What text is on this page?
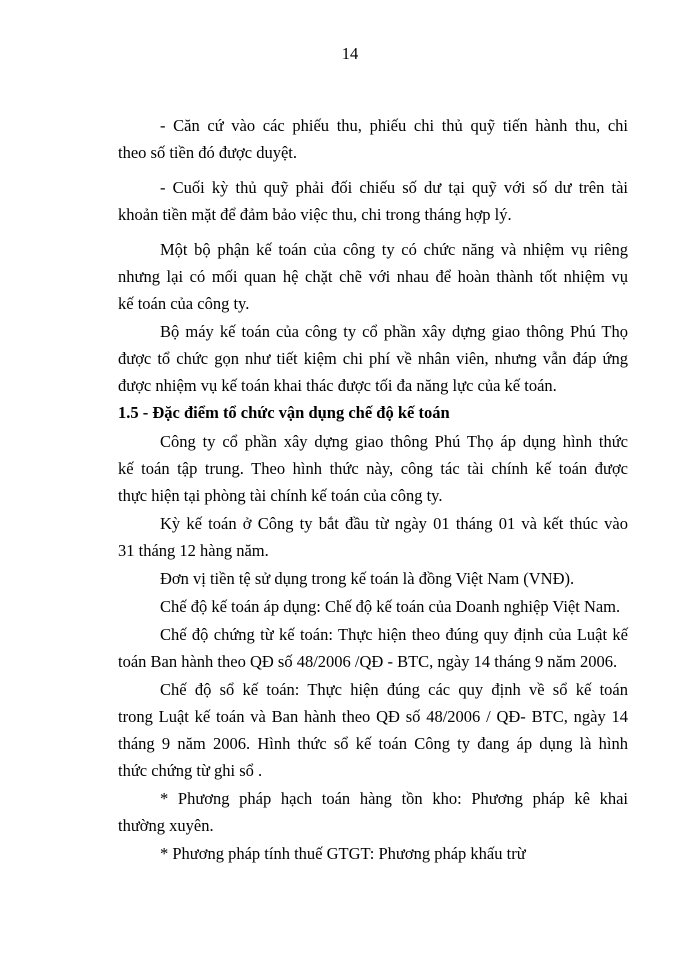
14
- Căn cứ vào các phiếu thu, phiếu chi thủ quỹ tiến hành thu, chi
theo số tiền đó được duyệt.
- Cuối kỳ thủ quỹ phải đối chiếu số dư tại quỹ với số dư trên tài
khoản tiền mặt để đảm bảo việc thu, chi trong tháng hợp lý.
Một bộ phận kế toán của công ty có chức năng và nhiệm vụ riêng
nhưng lại có mối quan hệ chặt chẽ với nhau để hoàn thành tốt nhiệm vụ
kế toán của công ty.
Bộ máy kế toán của công ty cổ phần xây dựng giao thông Phú Thọ
được tổ chức gọn như tiết kiệm chi phí về nhân viên, nhưng vẫn đáp ứng
được nhiệm vụ kế toán khai thác được tối đa năng lực của kế toán.
1.5 - Đặc điểm tổ chức vận dụng chế độ kế toán
Công ty cổ phần xây dựng giao thông Phú Thọ áp dụng hình thức
kế toán tập trung. Theo hình thức này, công tác tài chính kế toán được
thực hiện tại phòng tài chính kế toán của công ty.
Kỳ kế toán ở Công ty bắt đầu từ ngày 01 tháng 01 và kết thúc vào
31 tháng 12 hàng năm.
Đơn vị tiền tệ sử dụng trong kế toán là đồng Việt Nam (VNĐ).
Chế độ kế toán áp dụng: Chế độ kế toán của Doanh nghiệp Việt Nam.
Chế độ chứng từ kế toán: Thực hiện theo đúng quy định của Luật kế
toán Ban hành theo QĐ số 48/2006 /QĐ - BTC, ngày 14 tháng 9 năm 2006.
Chế độ sổ kế toán: Thực hiện đúng các quy định về sổ kế toán
trong Luật kế toán và Ban hành theo QĐ số 48/2006 / QĐ- BTC, ngày 14
tháng 9 năm 2006. Hình thức sổ kế toán Công ty đang áp dụng là hình
thức chứng từ ghi sổ .
* Phương pháp hạch toán hàng tồn kho: Phương pháp kê khai
thường xuyên.
* Phương pháp tính thuế GTGT: Phương pháp khấu trừ
